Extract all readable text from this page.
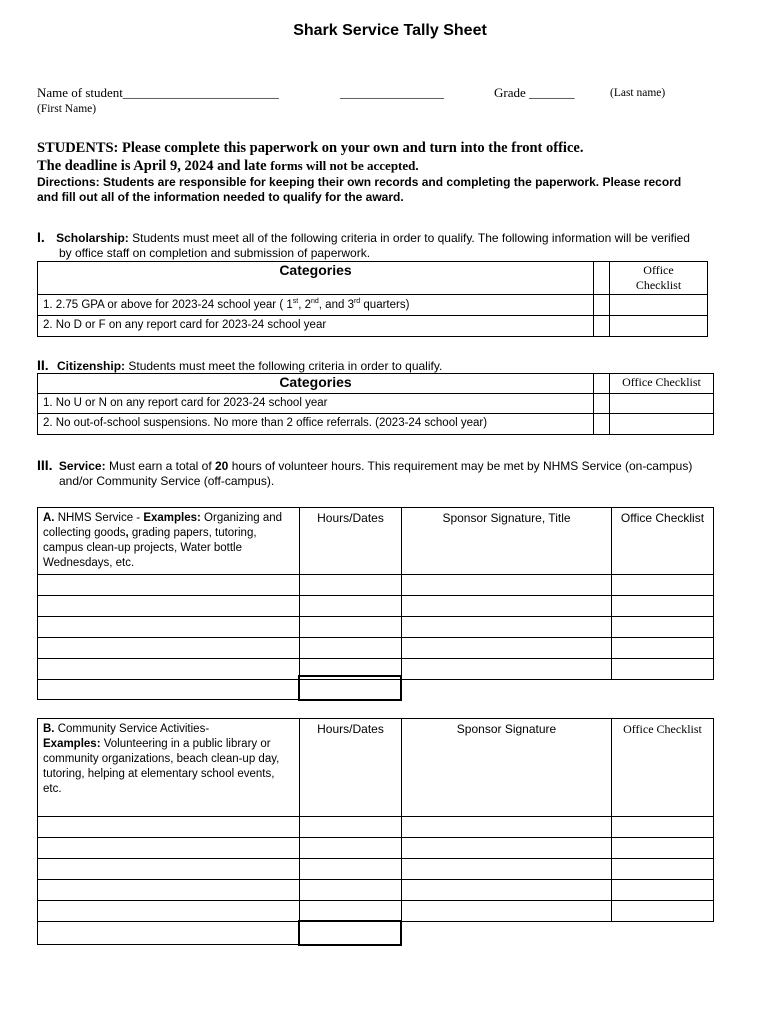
Shark Service Tally Sheet
Name of student________________________	________________	Grade _______	(Last name)
(First Name)
STUDENTS: Please complete this paperwork on your own and turn into the front office.
The deadline is April 9, 2024 and late forms will not be accepted.
Directions: Students are responsible for keeping their own records and completing the paperwork. Please record
and fill out all of the information needed to qualify for the award.
I. Scholarship: Students must meet all of the following criteria in order to qualify. The following information will be verified
by office staff on completion and submission of paperwork.
Categories		Office Checklist
1. 2.75 GPA or above for 2023-24 school year ( 1st, 2nd, and 3rd quarters)		
2. No D or F on any report card for 2023-24 school year		
II. Citizenship: Students must meet the following criteria in order to qualify.
Categories		Office Checklist
1. No U or N on any report card for 2023-24 school year		
2. No out-of-school suspensions. No more than 2 office referrals. (2023-24 school year)		
III. Service: Must earn a total of 20 hours of volunteer hours. This requirement may be met by NHMS Service (on-campus)
and/or Community Service (off-campus).
A. NHMS Service - Examples: Organizing and collecting goods, grading papers, tutoring, campus clean-up projects, Water bottle Wednesdays, etc.	Hours/Dates	Sponsor Signature, Title	Office Checklist

B. Community Service Activities-
Examples: Volunteering in a public library or community organizations, beach clean-up day, tutoring, helping at elementary school events, etc.	Hours/Dates	Sponsor Signature	Office Checklist
